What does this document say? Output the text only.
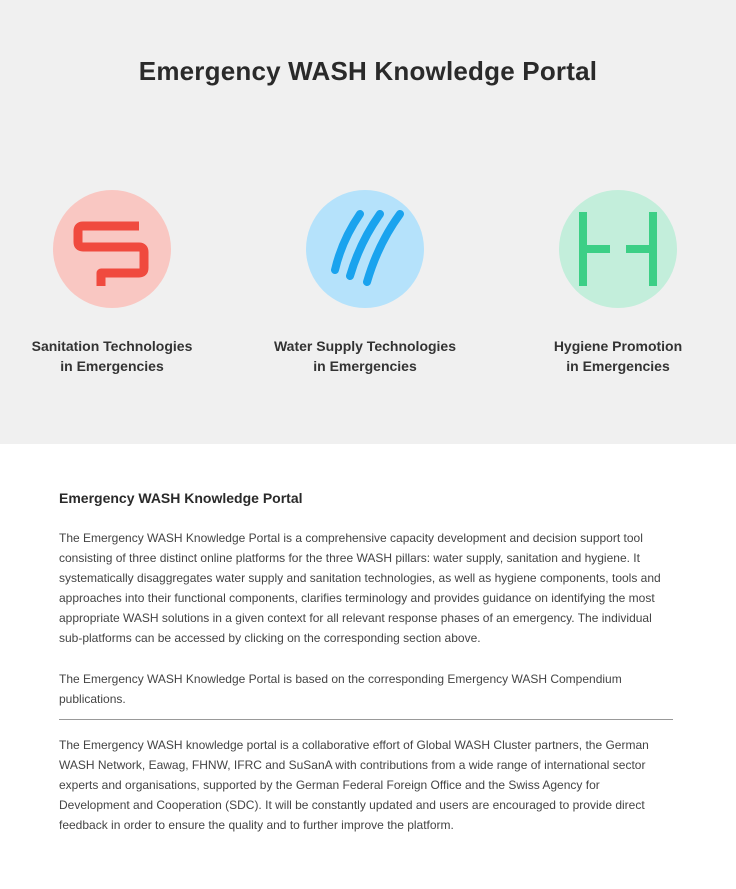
Emergency WASH Knowledge Portal
Sanitation Technologies
in Emergencies
Water Supply Technologies
in Emergencies
Hygiene Promotion
in Emergencies
Emergency WASH Knowledge Portal

The Emergency WASH Knowledge Portal is a comprehensive capacity development and decision support tool consisting of three distinct online platforms for the three WASH pillars: water supply, sanitation and hygiene. It systematically disaggregates water supply and sanitation technologies, as well as hygiene components, tools and approaches into their functional components, clarifies terminology and provides guidance on identifying the most appropriate WASH solutions in a given context for all relevant response phases of an emergency. The individual sub-platforms can be accessed by clicking on the corresponding section above.

The Emergency WASH Knowledge Portal is based on the corresponding Emergency WASH Compendium publications.

The Emergency WASH knowledge portal is a collaborative effort of Global WASH Cluster partners, the German WASH Network, Eawag, FHNW, IFRC and SuSanA with contributions from a wide range of international sector experts and organisations, supported by the German Federal Foreign Office and the Swiss Agency for Development and Cooperation (SDC). It will be constantly updated and users are encouraged to provide direct feedback in order to ensure the quality and to further improve the platform.
